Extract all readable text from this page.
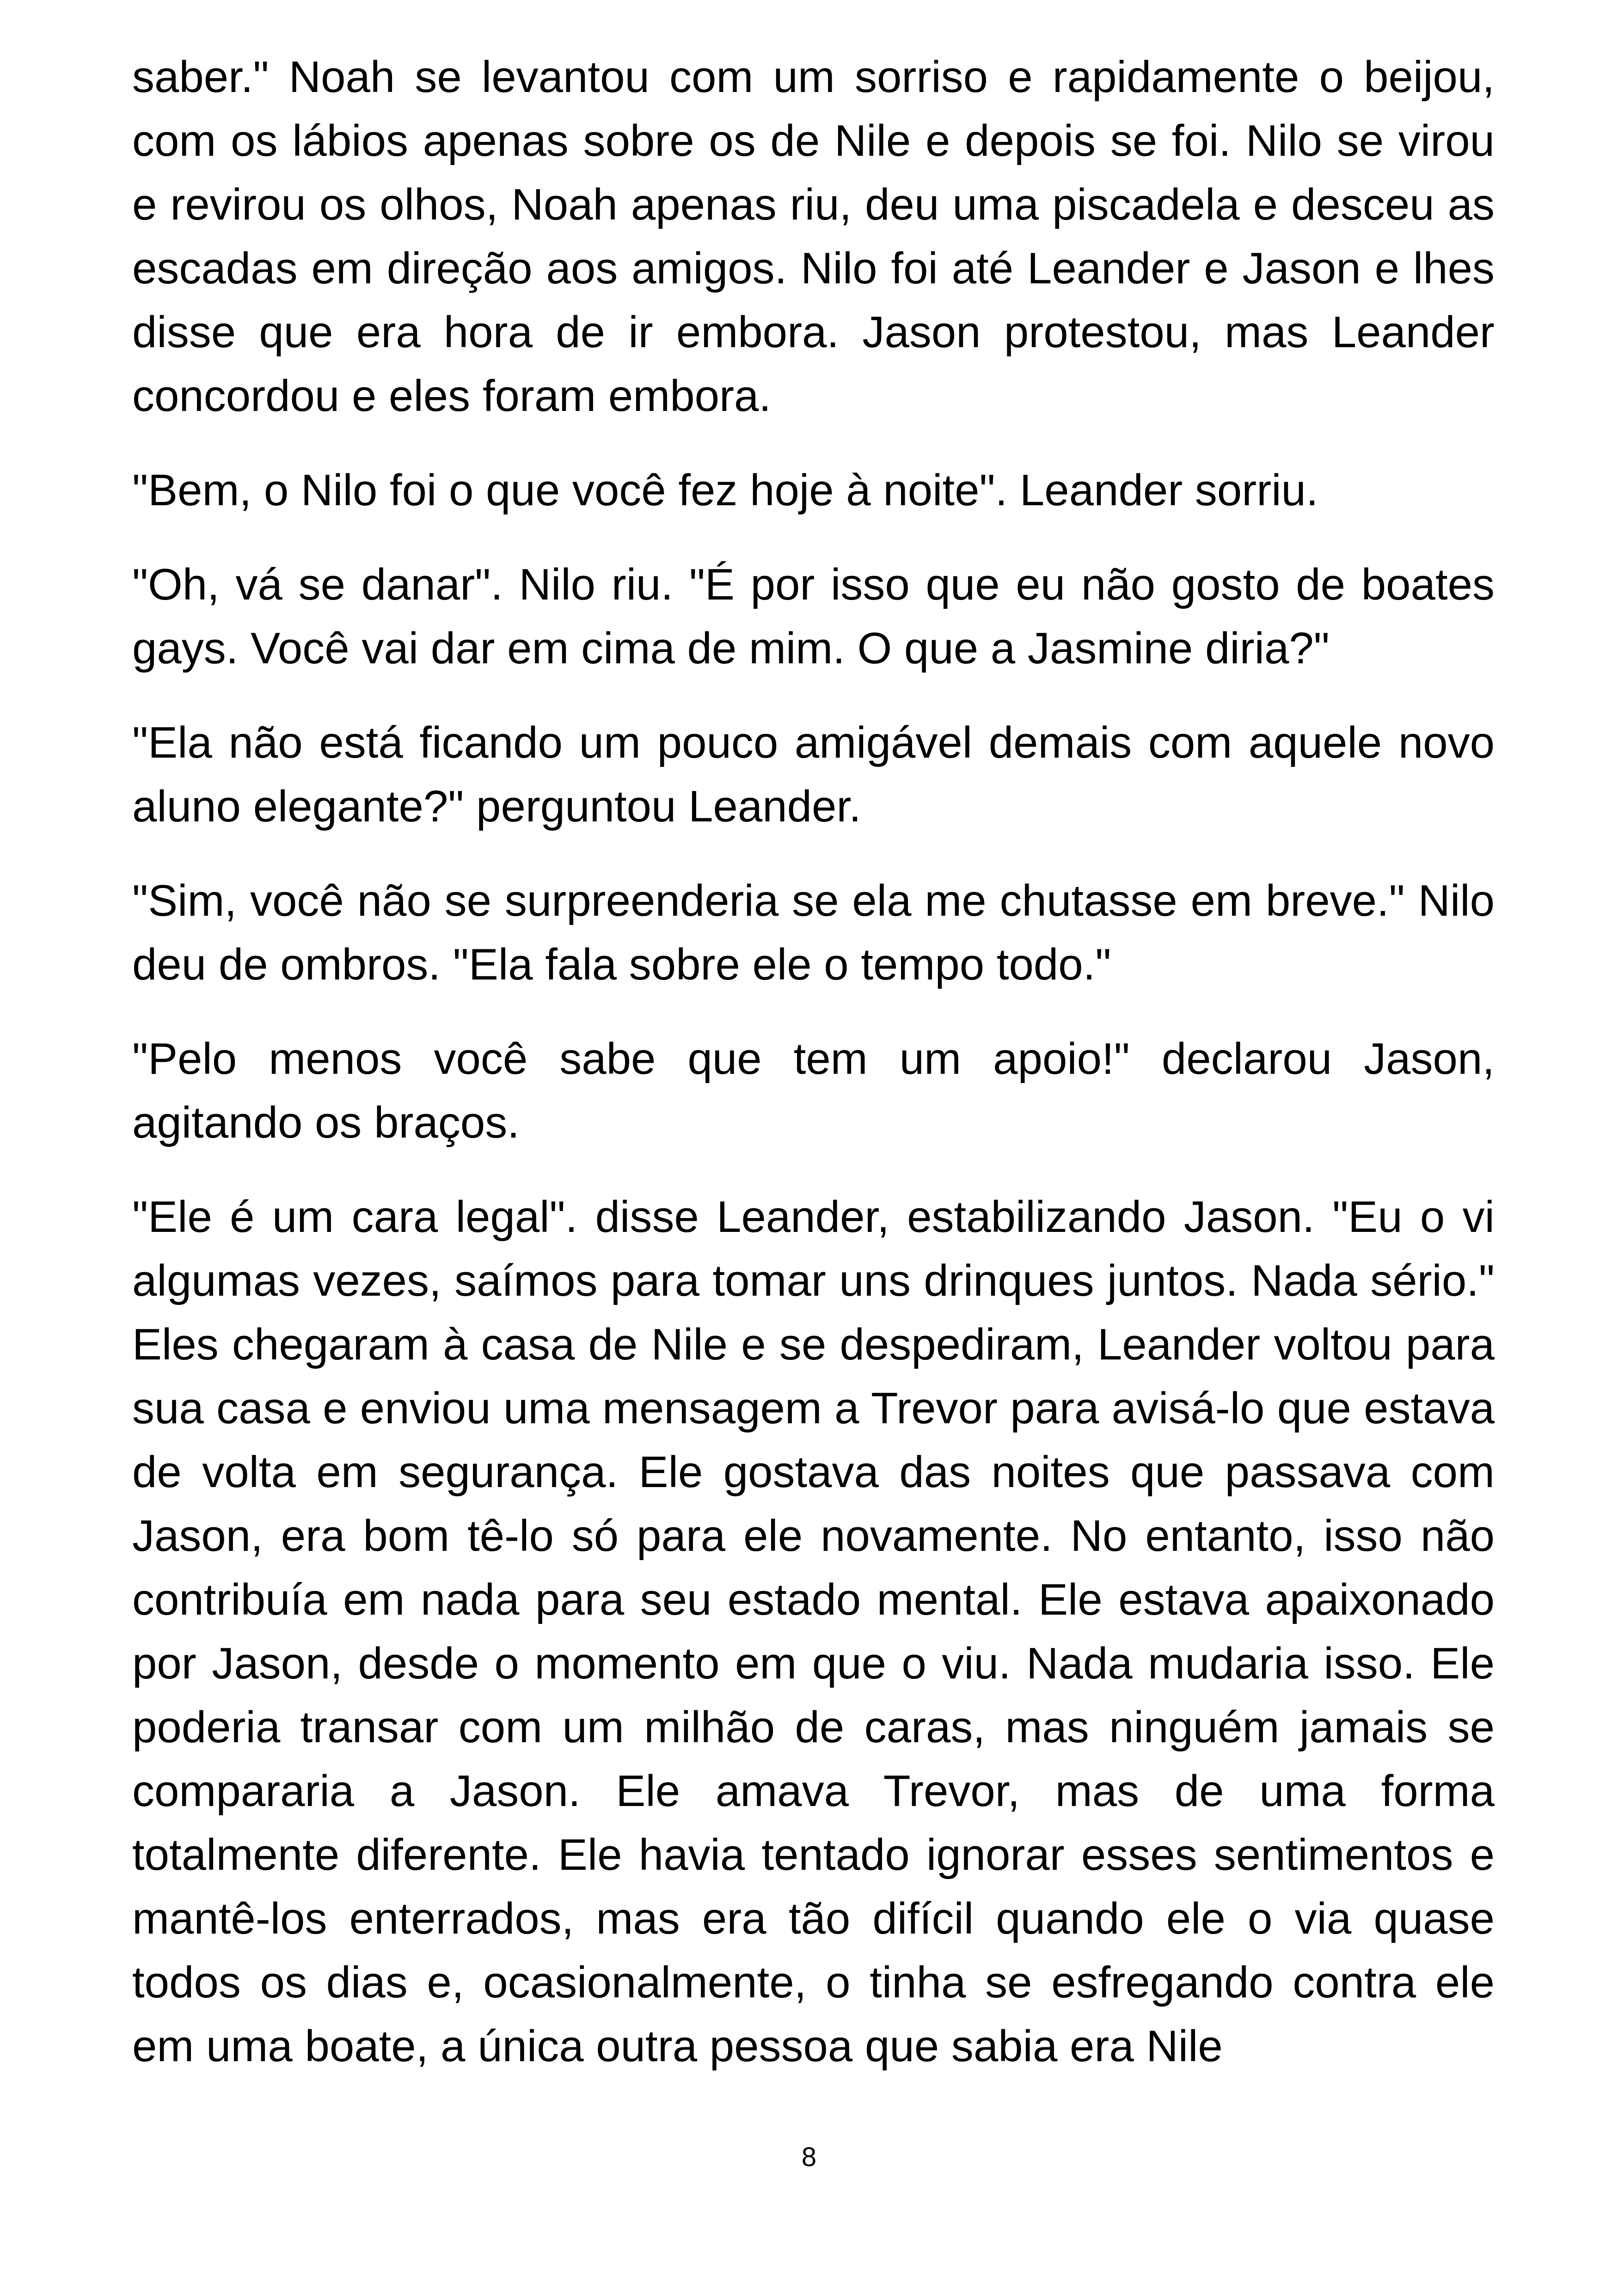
saber." Noah se levantou com um sorriso e rapidamente o beijou, com os lábios apenas sobre os de Nile e depois se foi. Nilo se virou e revirou os olhos, Noah apenas riu, deu uma piscadela e desceu as escadas em direção aos amigos. Nilo foi até Leander e Jason e lhes disse que era hora de ir embora. Jason protestou, mas Leander concordou e eles foram embora.

"Bem, o Nilo foi o que você fez hoje à noite". Leander sorriu.

"Oh, vá se danar". Nilo riu. "É por isso que eu não gosto de boates gays. Você vai dar em cima de mim. O que a Jasmine diria?"

"Ela não está ficando um pouco amigável demais com aquele novo aluno elegante?" perguntou Leander.

"Sim, você não se surpreenderia se ela me chutasse em breve." Nilo deu de ombros. "Ela fala sobre ele o tempo todo."

"Pelo menos você sabe que tem um apoio!" declarou Jason, agitando os braços.

"Ele é um cara legal". disse Leander, estabilizando Jason. "Eu o vi algumas vezes, saímos para tomar uns drinques juntos. Nada sério." Eles chegaram à casa de Nile e se despediram, Leander voltou para sua casa e enviou uma mensagem a Trevor para avisá-lo que estava de volta em segurança. Ele gostava das noites que passava com Jason, era bom tê-lo só para ele novamente. No entanto, isso não contribuía em nada para seu estado mental. Ele estava apaixonado por Jason, desde o momento em que o viu. Nada mudaria isso. Ele poderia transar com um milhão de caras, mas ninguém jamais se compararia a Jason. Ele amava Trevor, mas de uma forma totalmente diferente. Ele havia tentado ignorar esses sentimentos e mantê-los enterrados, mas era tão difícil quando ele o via quase todos os dias e, ocasionalmente, o tinha se esfregando contra ele em uma boate, a única outra pessoa que sabia era Nile

8
